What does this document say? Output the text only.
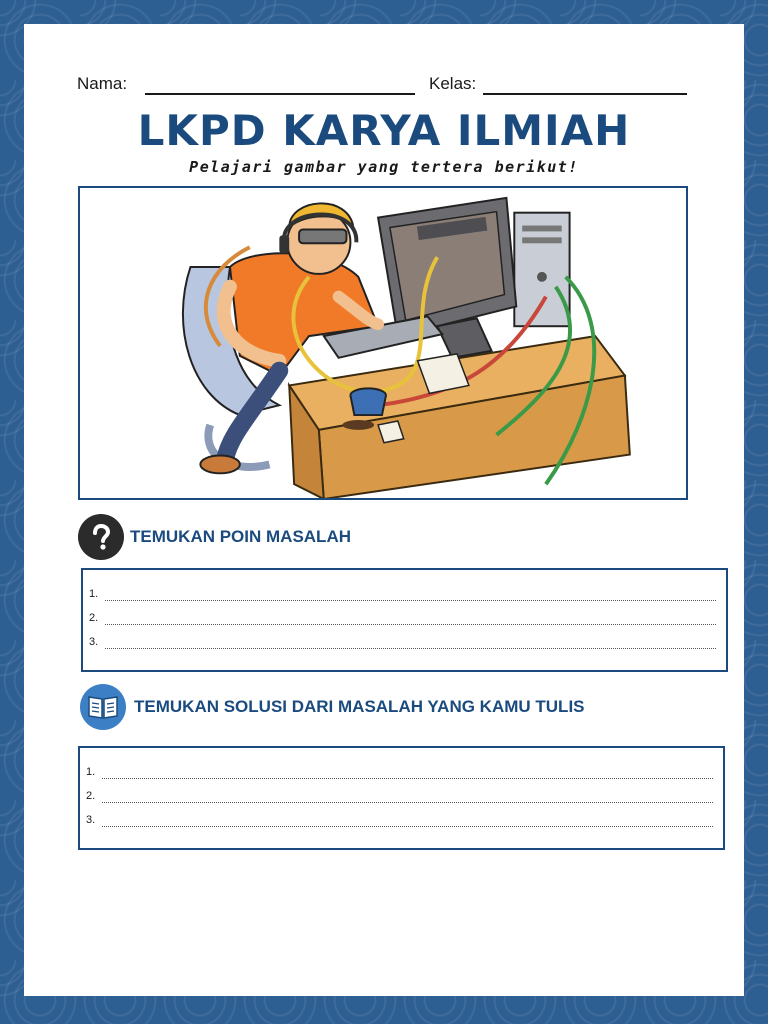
Nama:	Kelas:
LKPD KARYA ILMIAH
Pelajari gambar yang tertera berikut!
TEMUKAN POIN MASALAH
1.
2.
3.
TEMUKAN SOLUSI DARI MASALAH YANG KAMU TULIS
1.
2.
3.
